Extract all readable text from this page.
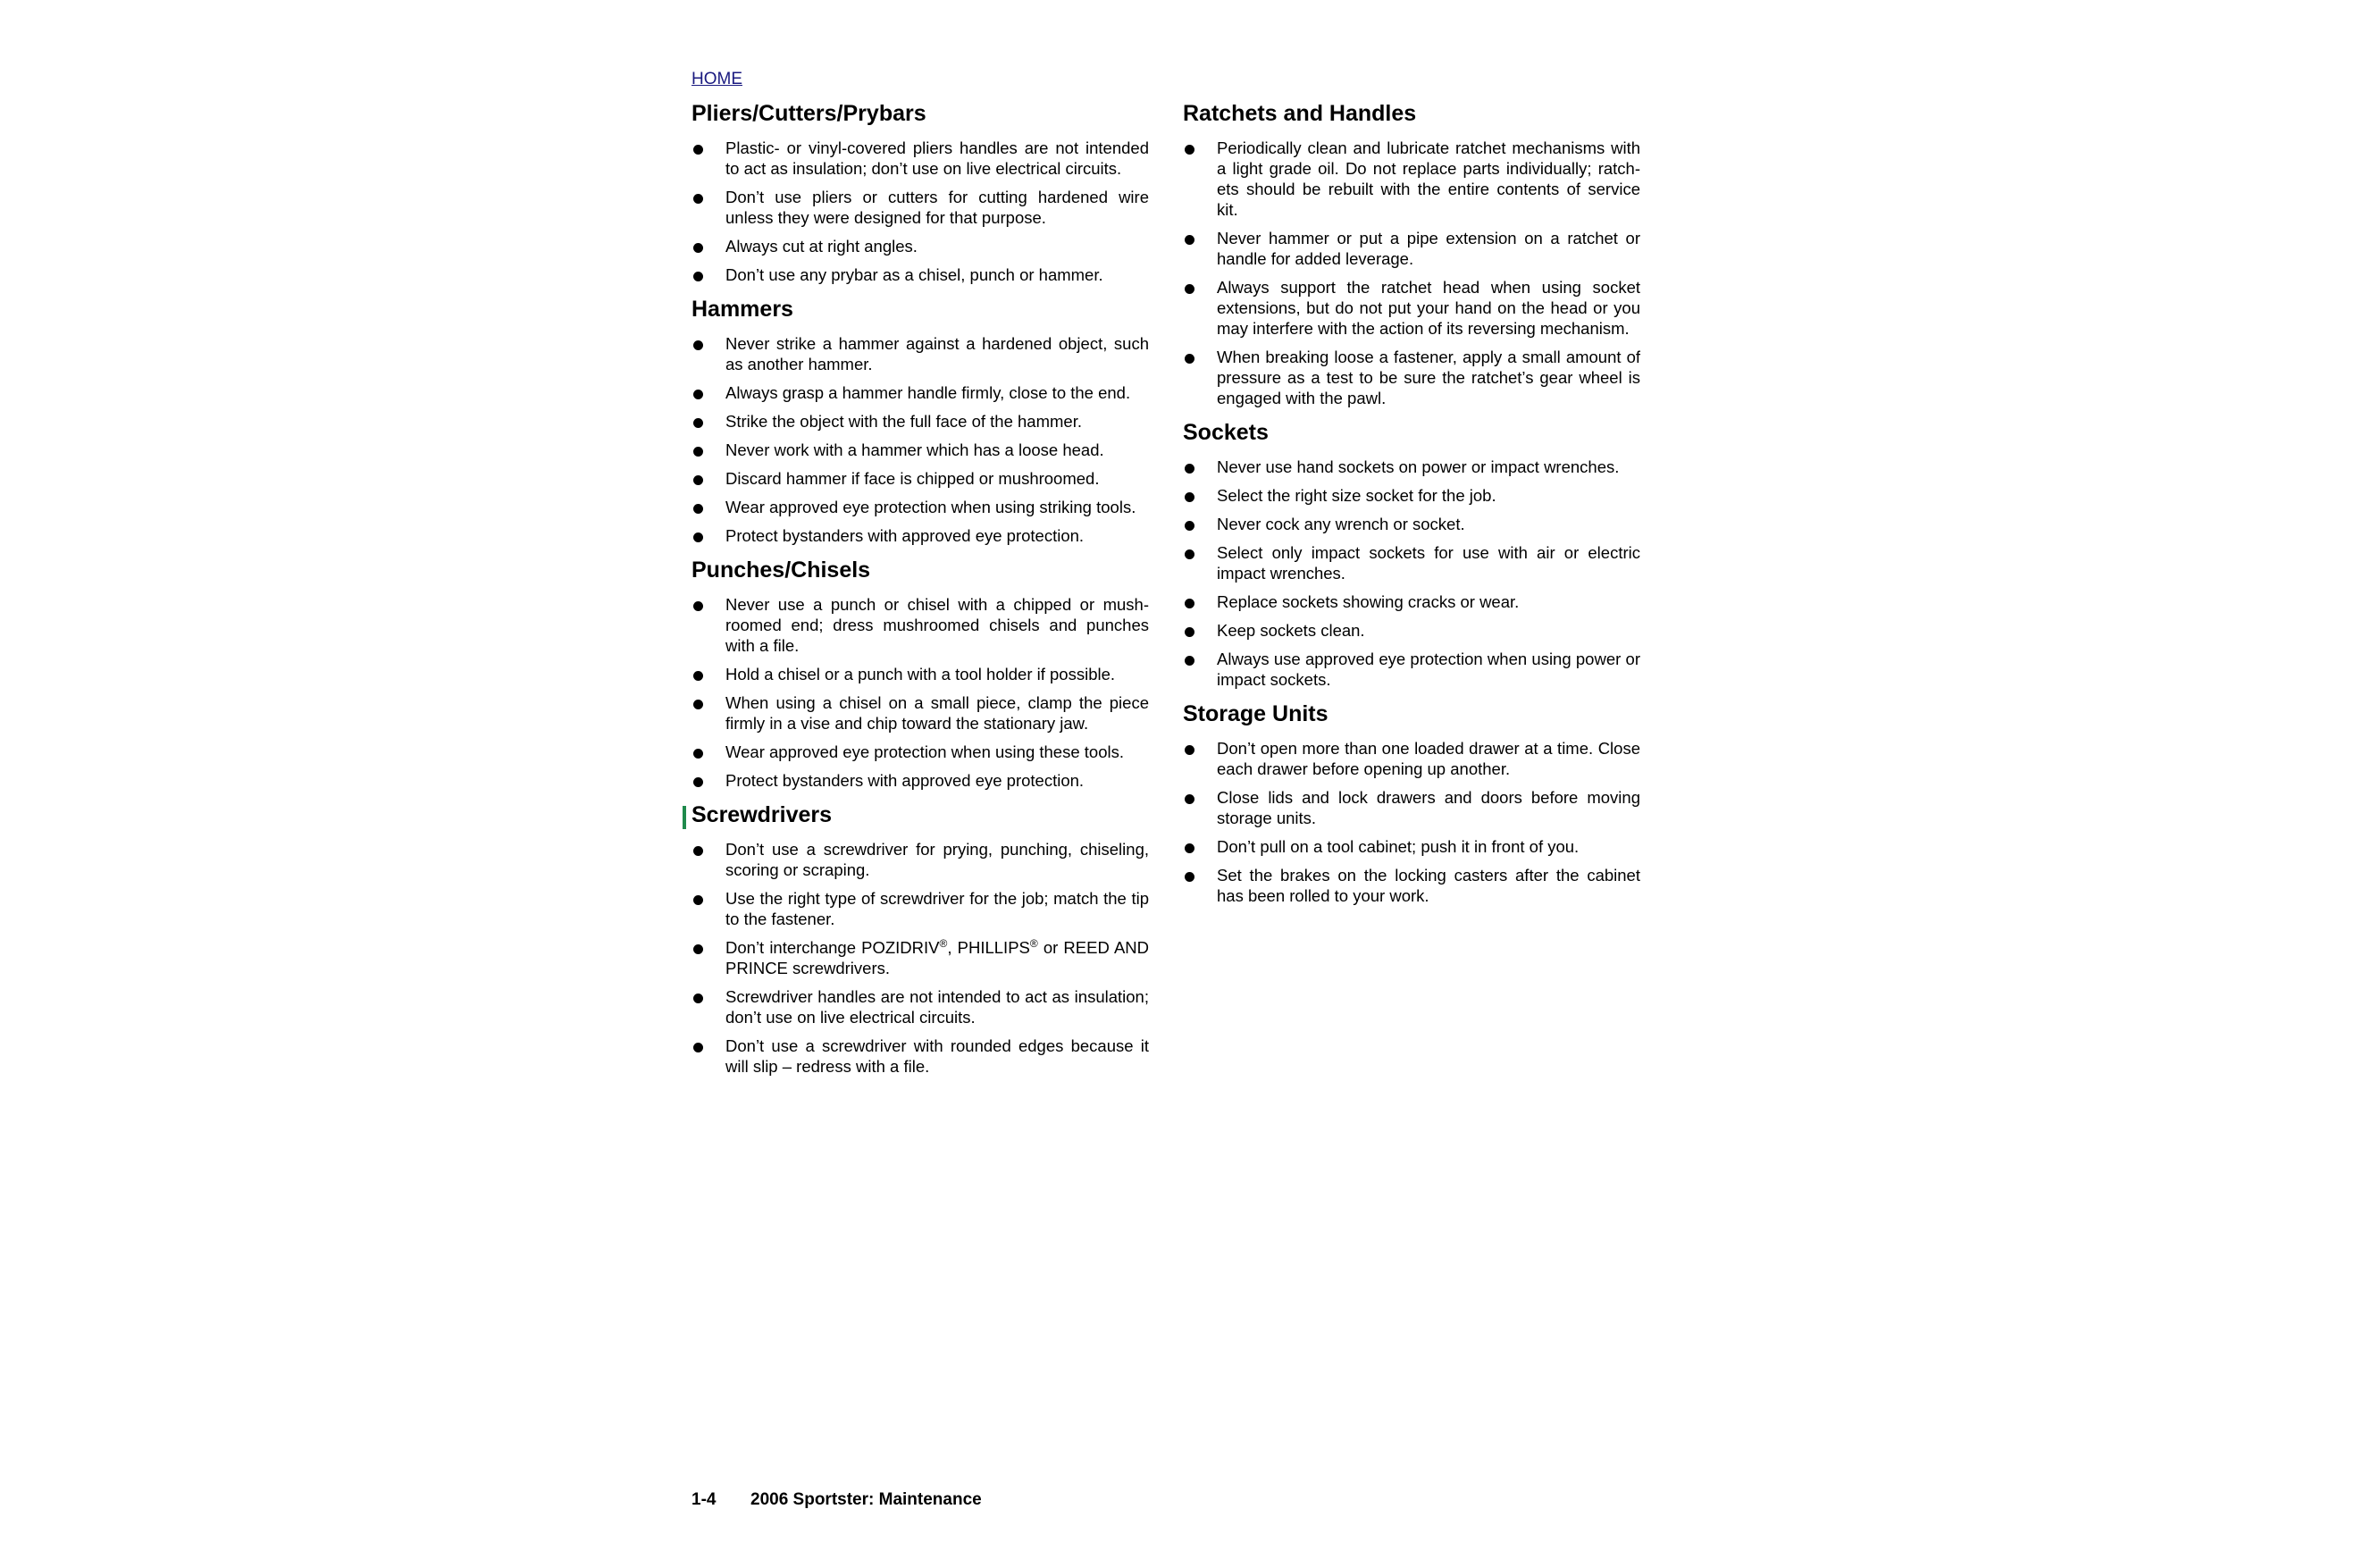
HOME
Pliers/Cutters/Prybars
Plastic- or vinyl-covered pliers handles are not intended to act as insulation; don’t use on live electrical circuits.
Don’t use pliers or cutters for cutting hardened wire unless they were designed for that purpose.
Always cut at right angles.
Don’t use any prybar as a chisel, punch or hammer.
Hammers
Never strike a hammer against a hardened object, such as another hammer.
Always grasp a hammer handle firmly, close to the end.
Strike the object with the full face of the hammer.
Never work with a hammer which has a loose head.
Discard hammer if face is chipped or mushroomed.
Wear approved eye protection when using striking tools.
Protect bystanders with approved eye protection.
Punches/Chisels
Never use a punch or chisel with a chipped or mushroomed end; dress mushroomed chisels and punches with a file.
Hold a chisel or a punch with a tool holder if possible.
When using a chisel on a small piece, clamp the piece firmly in a vise and chip toward the stationary jaw.
Wear approved eye protection when using these tools.
Protect bystanders with approved eye protection.
Screwdrivers
Don’t use a screwdriver for prying, punching, chiseling, scoring or scraping.
Use the right type of screwdriver for the job; match the tip to the fastener.
Don’t interchange POZIDRIV®, PHILLIPS® or REED AND PRINCE screwdrivers.
Screwdriver handles are not intended to act as insulation; don’t use on live electrical circuits.
Don’t use a screwdriver with rounded edges because it will slip – redress with a file.
Ratchets and Handles
Periodically clean and lubricate ratchet mechanisms with a light grade oil. Do not replace parts individually; ratchets should be rebuilt with the entire contents of service kit.
Never hammer or put a pipe extension on a ratchet or handle for added leverage.
Always support the ratchet head when using socket extensions, but do not put your hand on the head or you may interfere with the action of its reversing mechanism.
When breaking loose a fastener, apply a small amount of pressure as a test to be sure the ratchet’s gear wheel is engaged with the pawl.
Sockets
Never use hand sockets on power or impact wrenches.
Select the right size socket for the job.
Never cock any wrench or socket.
Select only impact sockets for use with air or electric impact wrenches.
Replace sockets showing cracks or wear.
Keep sockets clean.
Always use approved eye protection when using power or impact sockets.
Storage Units
Don’t open more than one loaded drawer at a time. Close each drawer before opening up another.
Close lids and lock drawers and doors before moving storage units.
Don’t pull on a tool cabinet; push it in front of you.
Set the brakes on the locking casters after the cabinet has been rolled to your work.
1-4 2006 Sportster: Maintenance
